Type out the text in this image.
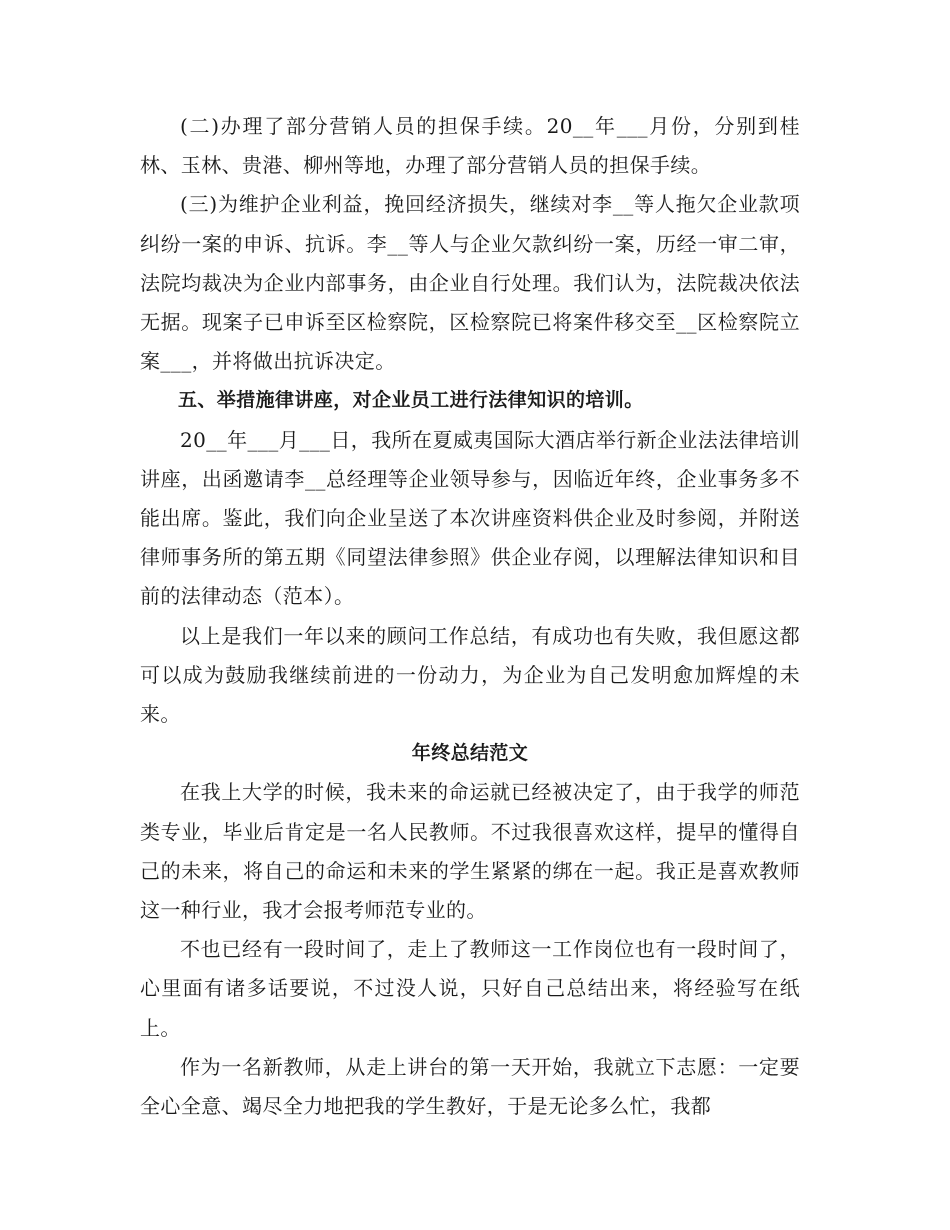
(二)办理了部分营销人员的担保手续。20__年___月份，分别到桂林、玉林、贵港、柳州等地，办理了部分营销人员的担保手续。

(三)为维护企业利益，挽回经济损失，继续对李__等人拖欠企业款项纠纷一案的申诉、抗诉。李__等人与企业欠款纠纷一案，历经一审二审，法院均裁决为企业内部事务，由企业自行处理。我们认为，法院裁决依法无据。现案子已申诉至区检察院，区检察院已将案件移交至__区检察院立案___，并将做出抗诉决定。

五、举措施律讲座，对企业员工进行法律知识的培训。

20__年___月___日，我所在夏威夷国际大酒店举行新企业法法律培训讲座，出函邀请李__总经理等企业领导参与，因临近年终，企业事务多不能出席。鉴此，我们向企业呈送了本次讲座资料供企业及时参阅，并附送律师事务所的第五期《同望法律参照》供企业存阅，以理解法律知识和目前的法律动态（范本）。

以上是我们一年以来的顾问工作总结，有成功也有失败，我但愿这都可以成为鼓励我继续前进的一份动力，为企业为自己发明愈加辉煌的未来。

年终总结范文

在我上大学的时候，我未来的命运就已经被决定了，由于我学的师范类专业，毕业后肯定是一名人民教师。不过我很喜欢这样，提早的懂得自己的未来，将自己的命运和未来的学生紧紧的绑在一起。我正是喜欢教师这一种行业，我才会报考师范专业的。

不也已经有一段时间了，走上了教师这一工作岗位也有一段时间了，心里面有诸多话要说，不过没人说，只好自己总结出来，将经验写在纸上。

作为一名新教师，从走上讲台的第一天开始，我就立下志愿：一定要全心全意、竭尽全力地把我的学生教好，于是无论多么忙，我都
